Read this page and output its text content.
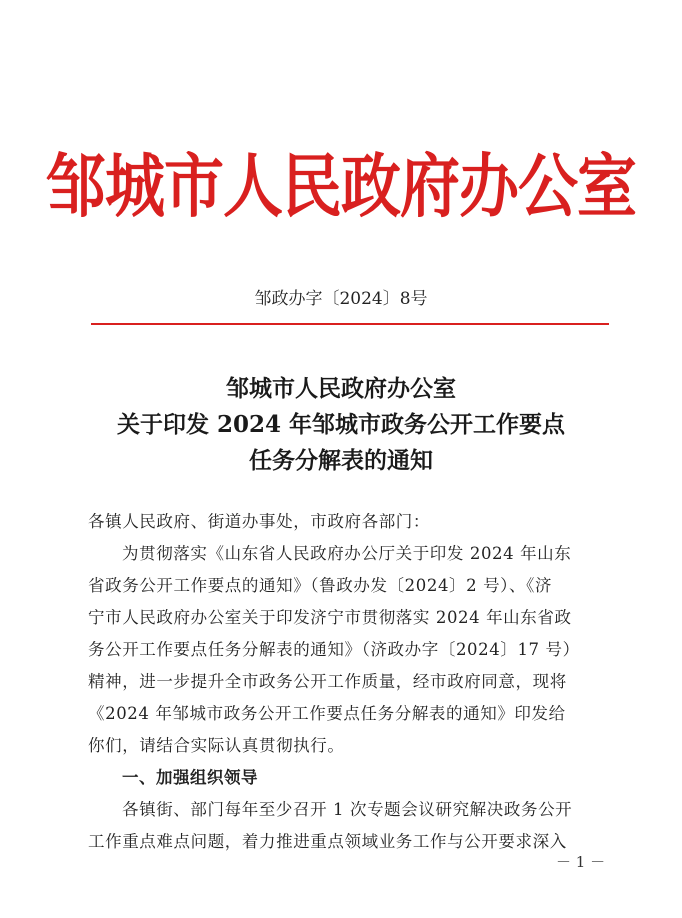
邹城市人民政府办公室
邹政办字〔2024〕8号
邹城市人民政府办公室
关于印发 2024 年邹城市政务公开工作要点
任务分解表的通知
各镇人民政府、街道办事处，市政府各部门：
为贯彻落实《山东省人民政府办公厅关于印发 2024 年山东
省政务公开工作要点的通知》（鲁政办发〔2024〕2 号）、《济
宁市人民政府办公室关于印发济宁市贯彻落实 2024 年山东省政
务公开工作要点任务分解表的通知》（济政办字〔2024〕17 号）
精神，进一步提升全市政务公开工作质量，经市政府同意，现将
《2024 年邹城市政务公开工作要点任务分解表的通知》印发给
你们，请结合实际认真贯彻执行。
一、加强组织领导
各镇街、部门每年至少召开 1 次专题会议研究解决政务公开
工作重点难点问题，着力推进重点领域业务工作与公开要求深入
－ 1 －
